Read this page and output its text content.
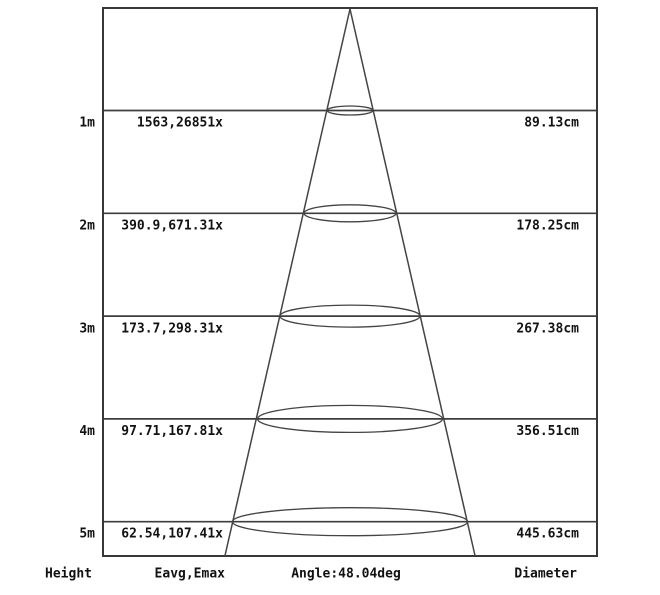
1m	1563,26851x	89.13cm
2m 390.9,671.31x	178.25cm
3m 173.7,298.31x	267.38cm
4m 97.71,167.81x	356.51cm
5m 62.54,107.41x	445.63cm
Height	Eavg,Emax	Angle:48.04deg	Diameter
